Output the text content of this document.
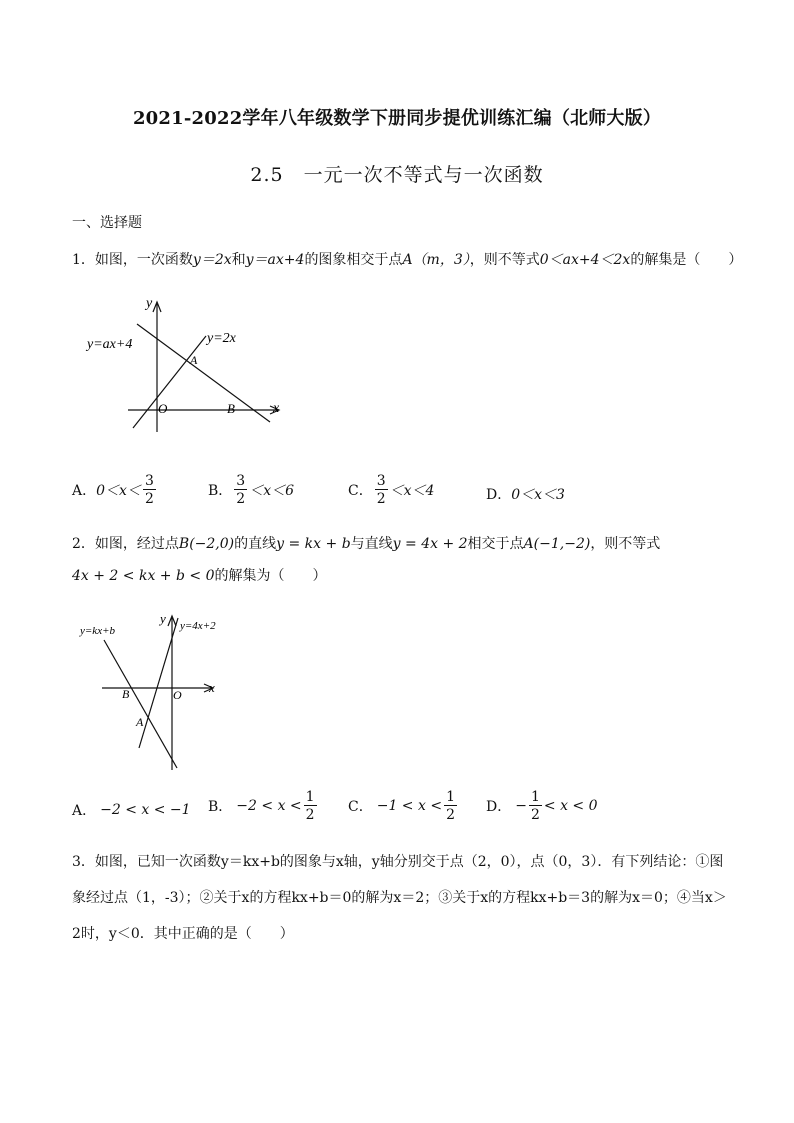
2021-2022学年八年级数学下册同步提优训练汇编（北师大版）
2.5　一元一次不等式与一次函数
一、选择题
1．如图，一次函数y＝2x和y＝ax+4的图象相交于点A（m，3），则不等式0＜ax+4＜2x的解集是（　　）
y
x
O
y=ax+4	y=2x
A
B
A． $0<x< \frac{3}{2}$	B． $\frac{3}{2} <x<6$	C． $\frac{3}{2} <x<4$	D． 0＜x＜3
2．如图，经过点B(−2,0)的直线y = kx + b与直线y = 4x + 2相交于点A(−1,−2)，则不等式
4x + 2 < kx + b < 0的解集为（　　）
y=kx+b	y=4x+2
y
x
O
B
A
A． −2 < x < −1 B． $-2 < x < \frac{1}{2}$ C． $-1 < x < \frac{1}{2}$ D． − $\frac{1}{2} < x < 0$
3．如图，已知一次函数y＝kx+b的图象与x轴，y轴分别交于点（2，0），点（0，3）．有下列结论：①图
象经过点（1，-3）；②关于x的方程kx+b＝0的解为x＝2；③关于x的方程kx+b＝3的解为x＝0；④当x＞
2时，y＜0．其中正确的是（　　）
